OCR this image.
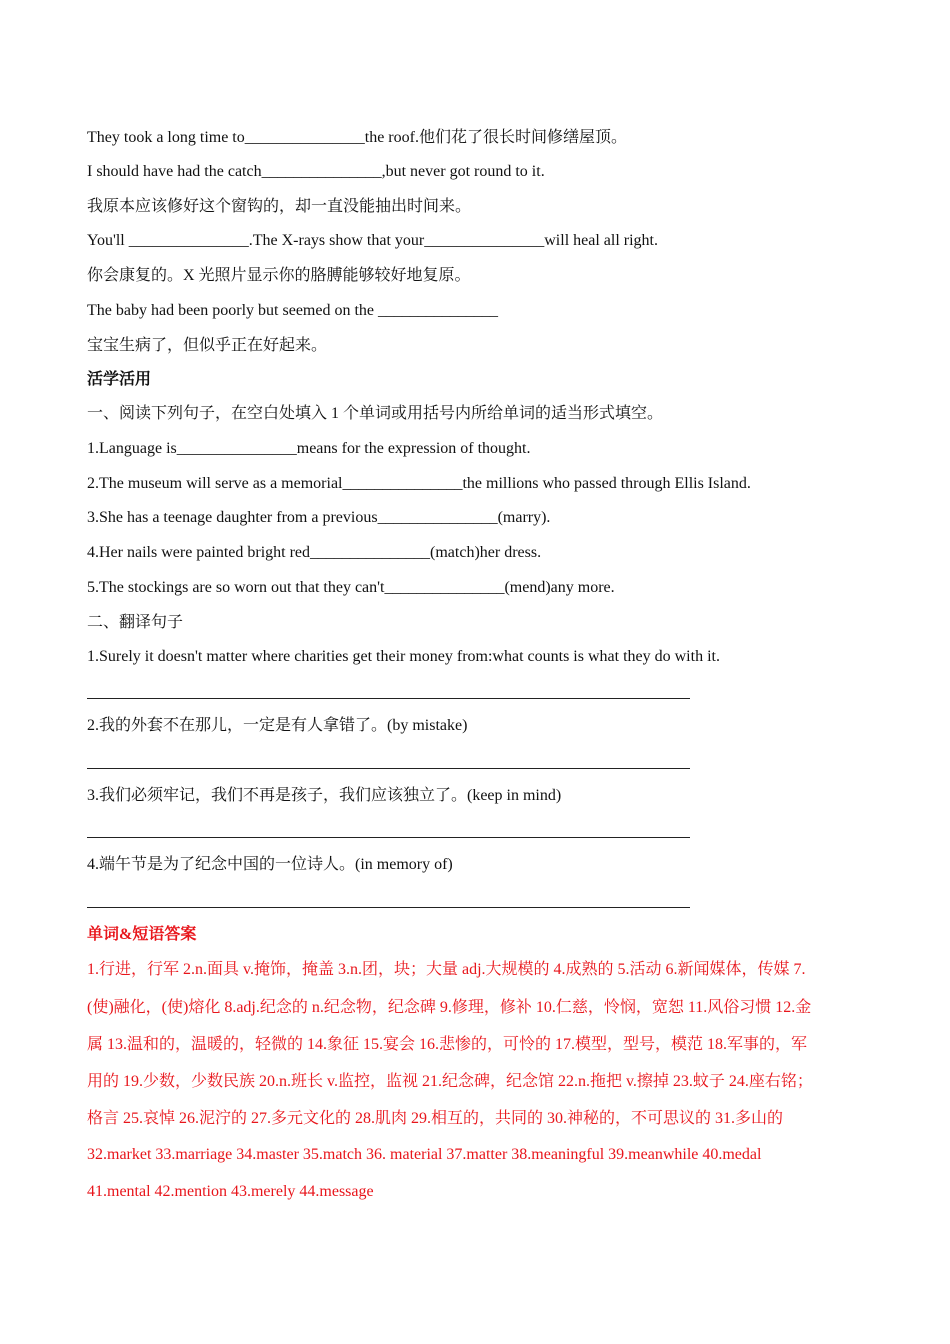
They took a long time to_______________the roof.他们花了很长时间修缮屋顶。
I should have had the catch_______________,but never got round to it.
我原本应该修好这个窗钩的，却一直没能抽出时间来。
You'll _______________.The X-rays show that your_______________will heal all right.
你会康复的。X 光照片显示你的胳膊能够较好地复原。
The baby had been poorly but seemed on the _______________
宝宝生病了，但似乎正在好起来。
活学活用
一、阅读下列句子，在空白处填入 1 个单词或用括号内所给单词的适当形式填空。
1.Language is_______________means for the expression of thought.
2.The museum will serve as a memorial_______________the millions who passed through Ellis Island.
3.She has a teenage daughter from a previous_______________(marry).
4.Her nails were painted bright red_______________(match)her dress.
5.The stockings are so worn out that they can't_______________(mend)any more.
二、翻译句子
1.Surely it doesn't matter where charities get their money from:what counts is what they do with it.
2.我的外套不在那儿，一定是有人拿错了。(by mistake)
3.我们必须牢记，我们不再是孩子，我们应该独立了。(keep in mind)
4.端午节是为了纪念中国的一位诗人。(in memory of)
单词&短语答案
1.行进，行军 2.n.面具 v.掩饰，掩盖 3.n.团，块；大量 adj.大规模的 4.成熟的 5.活动 6.新闻媒体，传媒 7.
(使)融化，(使)熔化 8.adj.纪念的 n.纪念物，纪念碑 9.修理，修补 10.仁慈，怜悯，宽恕 11.风俗习惯 12.金
属 13.温和的，温暖的，轻微的 14.象征 15.宴会 16.悲惨的，可怜的 17.模型，型号，模范 18.军事的，军
用的 19.少数，少数民族 20.n.班长 v.监控，监视 21.纪念碑，纪念馆 22.n.拖把 v.擦掉 23.蚊子 24.座右铭；
格言 25.哀悼 26.泥泞的 27.多元文化的 28.肌肉 29.相互的，共同的 30.神秘的，不可思议的 31.多山的
32.market 33.marriage 34.master 35.match 36. material 37.matter 38.meaningful 39.meanwhile 40.medal
41.mental 42.mention 43.merely 44.message
